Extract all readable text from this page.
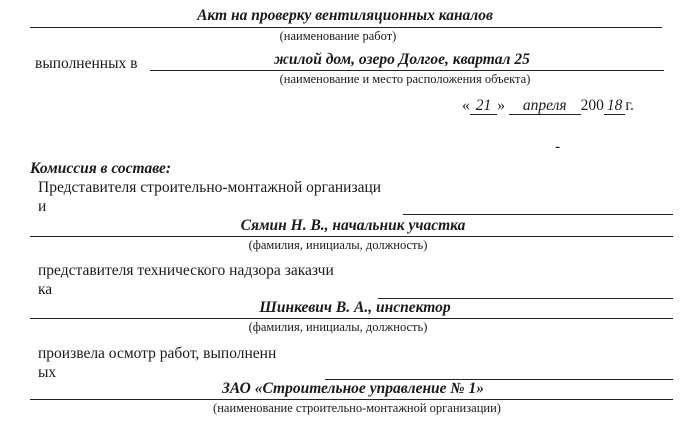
Акт на проверку вентиляционных каналов
(наименование работ)
выполненных в	жилой дом, озеро Долгое, квартал 25
(наименование и место расположения объекта)
« 21 » апреля 200 18 г.
-
Комиссия в составе:
Представителя строительно-монтажной организаци
и
Сямин Н. В., начальник участка
(фамилия, инициалы, должность)
представителя технического надзора заказчи
ка
Шинкевич В. А., инспектор
(фамилия, инициалы, должность)
произвела осмотр работ, выполненн
ых
ЗАО «Строительное управление № 1»
(наименование строительно-монтажной организации)
